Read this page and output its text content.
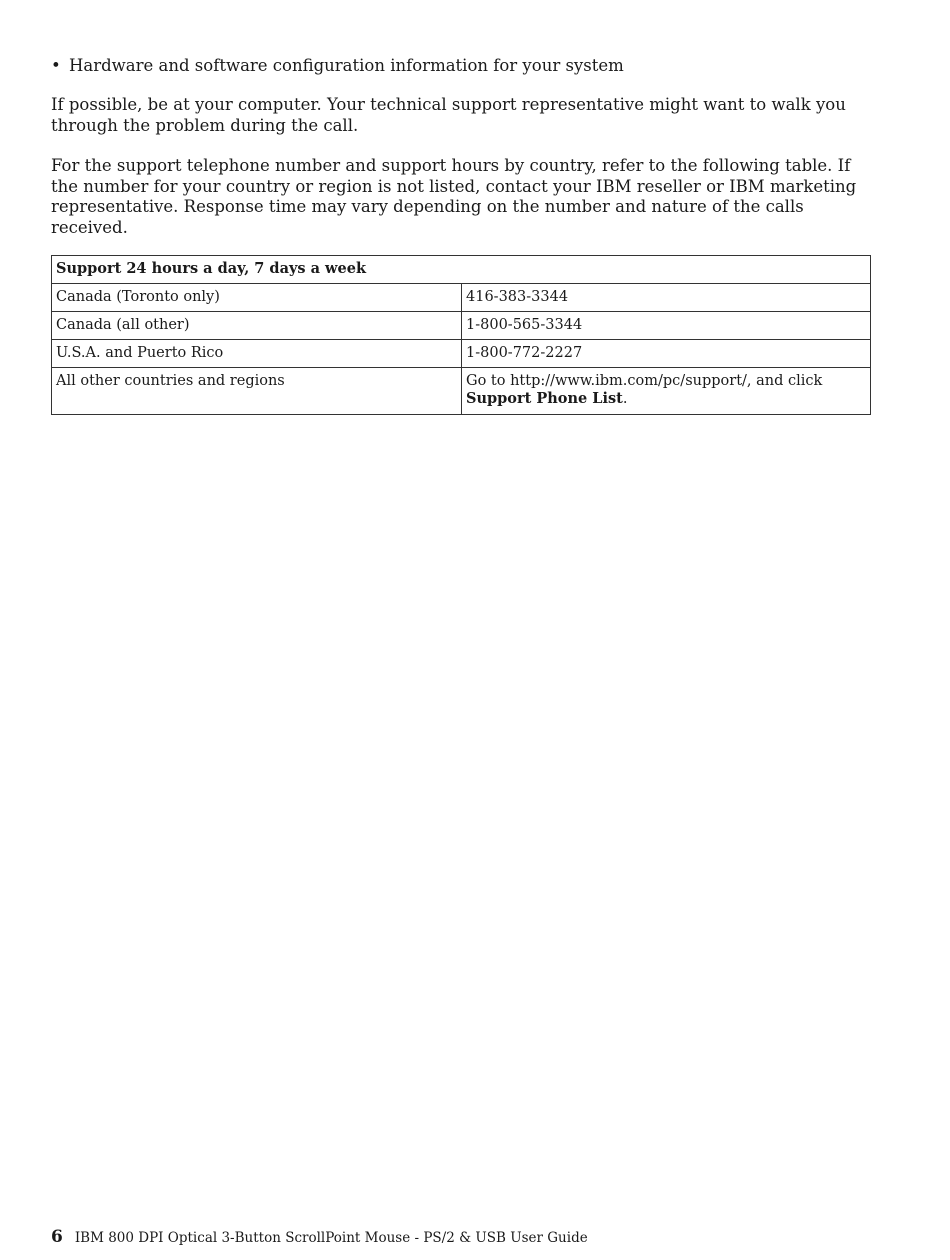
• Hardware and software configuration information for your system

If possible, be at your computer. Your technical support representative might want to walk you through the problem during the call.

For the support telephone number and support hours by country, refer to the following table. If the number for your country or region is not listed, contact your IBM reseller or IBM marketing representative. Response time may vary depending on the number and nature of the calls received.

Support 24 hours a day, 7 days a week	
Canada (Toronto only)	416-383-3344
Canada (all other)	1-800-565-3344
U.S.A. and Puerto Rico	1-800-772-2227
All other countries and regions	Go to http://www.ibm.com/pc/support/, and click Support Phone List.
6 IBM 800 DPI Optical 3-Button ScrollPoint Mouse - PS/2 & USB User Guide
